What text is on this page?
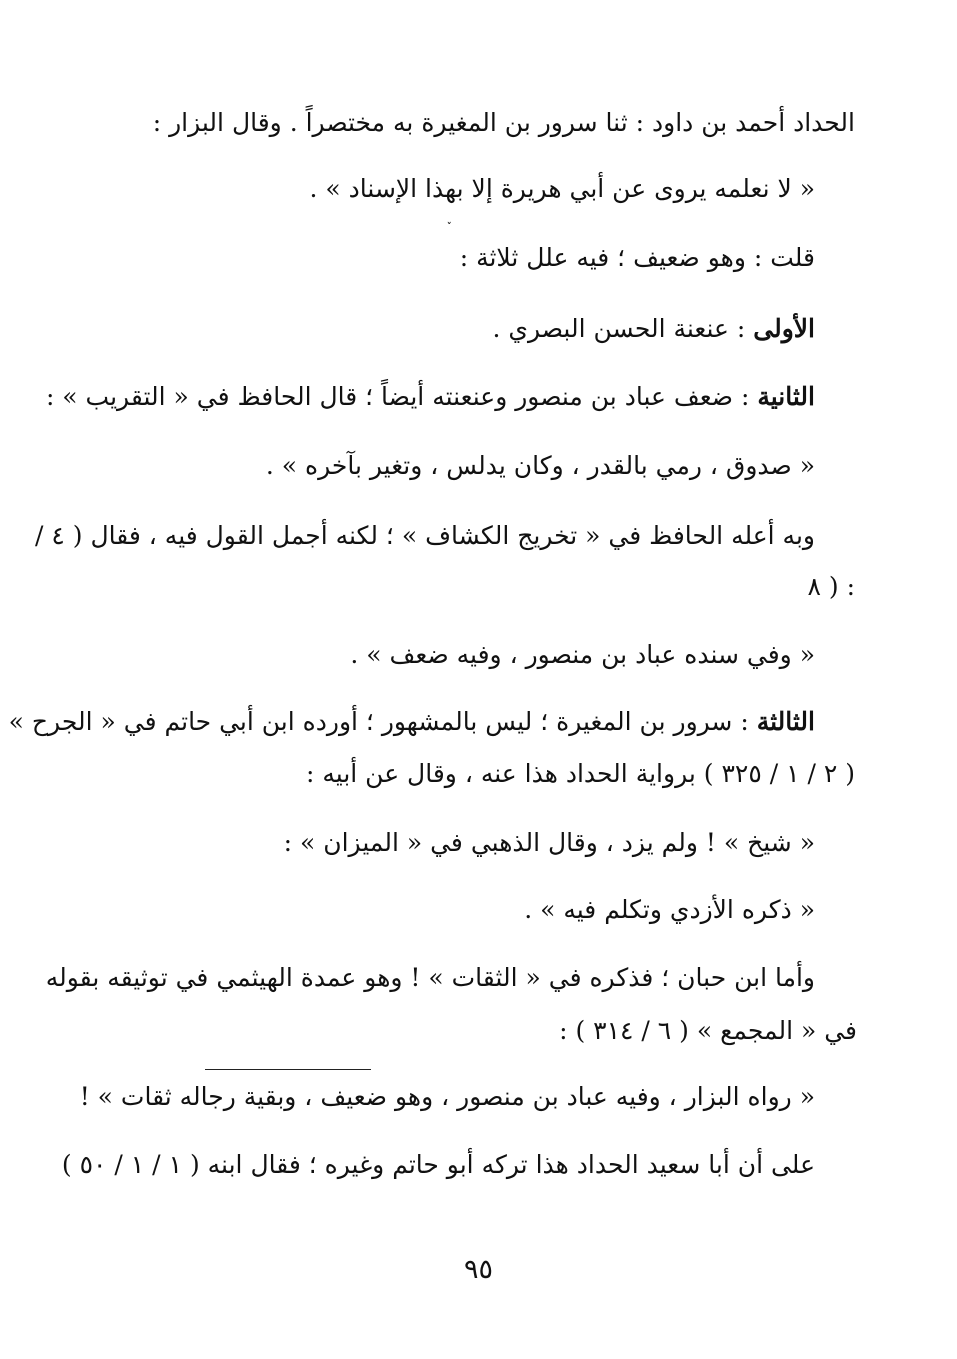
الحداد أحمد بن داود : ثنا سرور بن المغيرة به مختصراً . وقال البزار :
« لا نعلمه يروى عن أبي هريرة إلا بهذا الإسناد » .
قلت : وهو ضعيف ؛ فيه علل ثلاثة :
الأولى : عنعنة الحسن البصري .
الثانية : ضعف عباد بن منصور وعنعنته أيضاً ؛ قال الحافظ في « التقريب » :
« صدوق ، رمي بالقدر ، وكان يدلس ، وتغير بآخره » .
وبه أعله الحافظ في « تخريج الكشاف » ؛ لكنه أجمل القول فيه ، فقال ( ٤ /
٨ ) :
« وفي سنده عباد بن منصور ، وفيه ضعف » .
الثالثة : سرور بن المغيرة ؛ ليس بالمشهور ؛ أورده ابن أبي حاتم في « الجرح »
( ٢ / ١ / ٣٢٥ ) برواية الحداد هذا عنه ، وقال عن أبيه :
« شيخ » ! ولم يزد ، وقال الذهبي في « الميزان » :
« ذكره الأزدي وتكلم فيه » .
وأما ابن حبان ؛ فذكره في « الثقات » ! وهو عمدة الهيثمي في توثيقه بقوله
في « المجمع » ( ٦ / ٣١٤ ) :
« رواه البزار ، وفيه عباد بن منصور ، وهو ضعيف ، وبقية رجاله ثقات » !
على أن أبا سعيد الحداد هذا تركه أبو حاتم وغيره ؛ فقال ابنه ( ١ / ١ / ٥٠ )
٩٥
